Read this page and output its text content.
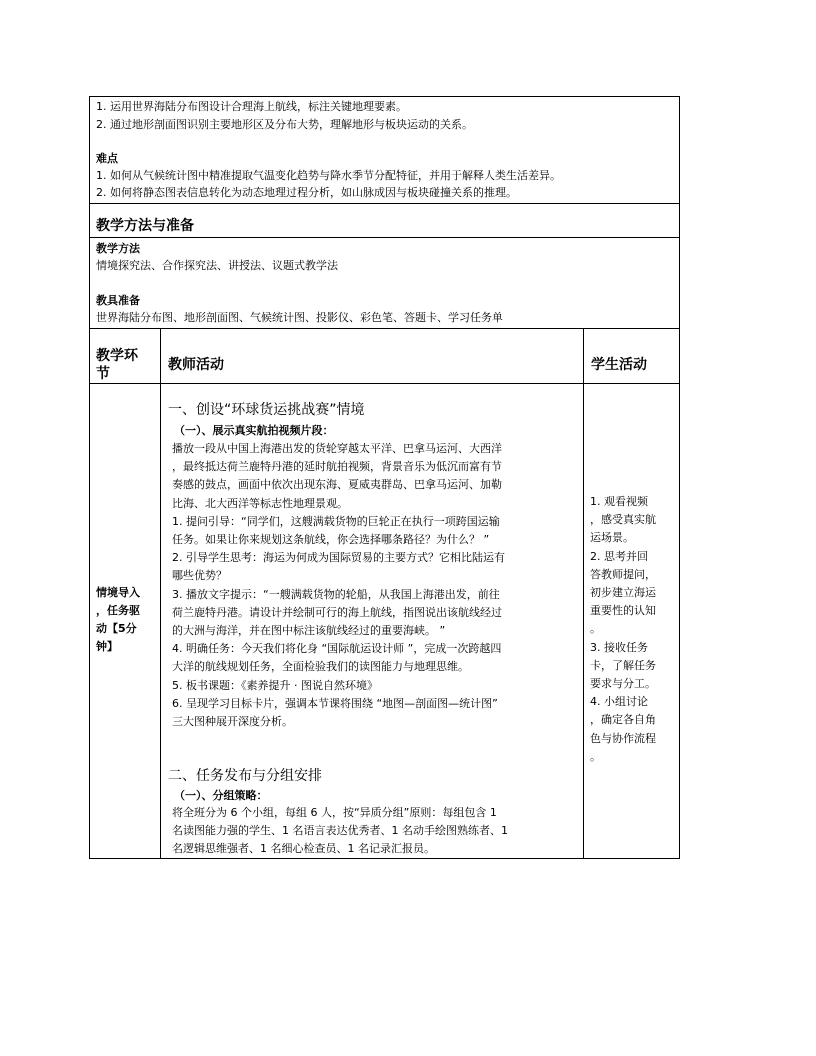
1. 运用世界海陆分布图设计合理海上航线，标注关键地理要素。
2. 通过地形剖面图识别主要地形区及分布大势，理解地形与板块运动的关系。
难点
1. 如何从气候统计图中精准提取气温变化趋势与降水季节分配特征，并用于解释人类生活差异。
2. 如何将静态图表信息转化为动态地理过程分析，如山脉成因与板块碰撞关系的推理。
教学方法与准备
教学方法
情境探究法、合作探究法、讲授法、议题式教学法
教具准备
世界海陆分布图、地形剖面图、气候统计图、投影仪、彩色笔、答题卡、学习任务单
教学环
节
教师活动	学生活动
情境导入
，任务驱
动【5分
钟】
一、创设“环球货运挑战赛”情境
（一）、展示真实航拍视频片段：
播放一段从中国上海港出发的货轮穿越太平洋、巴拿马运河、大西洋
，最终抵达荷兰鹿特丹港的延时航拍视频，背景音乐为低沉而富有节
奏感的鼓点，画面中依次出现东海、夏威夷群岛、巴拿马运河、加勒
比海、北大西洋等标志性地理景观。
1. 提问引导：“同学们，这艘满载货物的巨轮正在执行一项跨国运输
任务。如果让你来规划这条航线，你会选择哪条路径？为什么？ ”
2. 引导学生思考：海运为何成为国际贸易的主要方式？它相比陆运有
哪些优势？
3. 播放文字提示：“一艘满载货物的轮船，从我国上海港出发，前往
荷兰鹿特丹港。请设计并绘制可行的海上航线，指图说出该航线经过
的大洲与海洋，并在图中标注该航线经过的重要海峡。 ”
4. 明确任务：今天我们将化身 “国际航运设计师 ”，完成一次跨越四
大洋的航线规划任务，全面检验我们的读图能力与地理思维。
5. 板书课题：《素养提升 · 图说自然环境》
6. 呈现学习目标卡片，强调本节课将围绕 “地图—剖面图—统计图”
三大图种展开深度分析。
二、任务发布与分组安排
（一）、分组策略：
将全班分为 6 个小组，每组 6 人，按“异质分组”原则：每组包含 1
名读图能力强的学生、1 名语言表达优秀者、1 名动手绘图熟练者、1
名逻辑思维强者、1 名细心检查员、1 名记录汇报员。
1. 观看视频
，感受真实航
运场景。
2. 思考并回
答教师提问，
初步建立海运
重要性的认知
。
3. 接收任务
卡，了解任务
要求与分工。
4. 小组讨论
，确定各自角
色与协作流程
。
